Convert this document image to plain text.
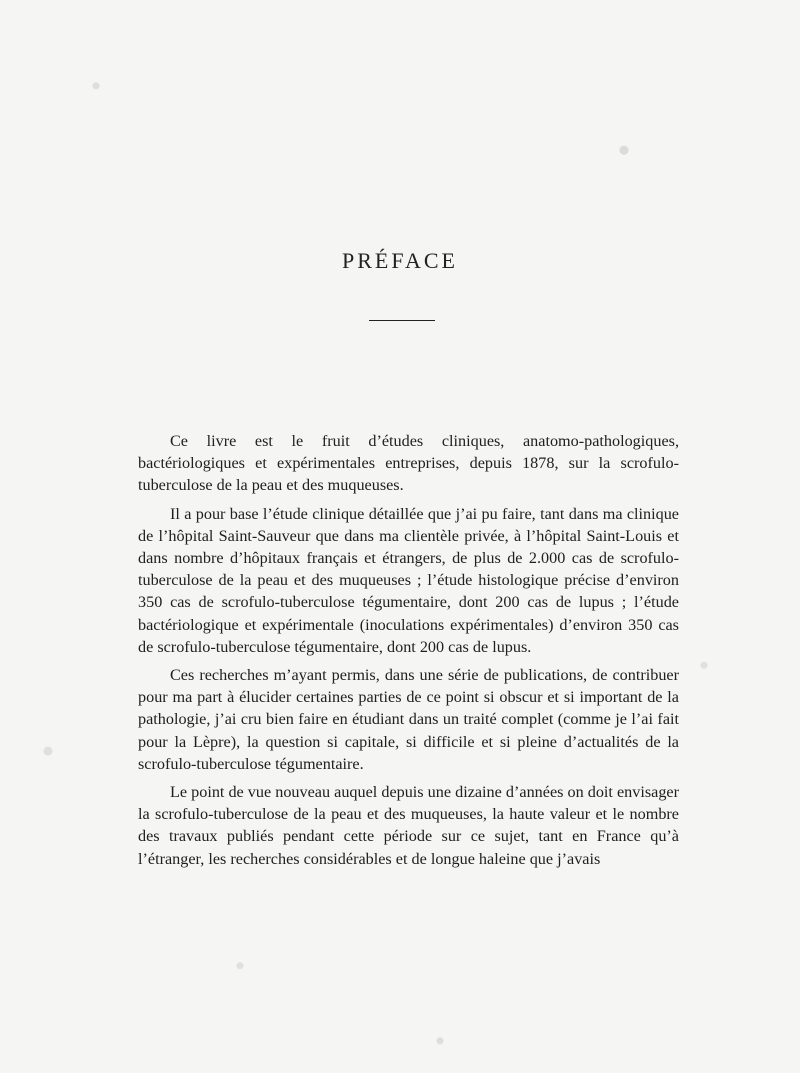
PRÉFACE

Ce livre est le fruit d’études cliniques, anatomo-pathologiques, bactériologiques et expérimentales entreprises, depuis 1878, sur la scrofulo-tuberculose de la peau et des muqueuses.

Il a pour base l’étude clinique détaillée que j’ai pu faire, tant dans ma clinique de l’hôpital Saint-Sauveur que dans ma clientèle privée, à l’hôpital Saint-Louis et dans nombre d’hôpitaux français et étrangers, de plus de 2.000 cas de scrofulo-tuberculose de la peau et des muqueuses ; l’étude histologique précise d’environ 350 cas de scrofulo-tuberculose tégumentaire, dont 200 cas de lupus ; l’étude bactériologique et expérimentale (inoculations expérimentales) d’environ 350 cas de scrofulo-tuberculose tégumentaire, dont 200 cas de lupus.

Ces recherches m’ayant permis, dans une série de publications, de contribuer pour ma part à élucider certaines parties de ce point si obscur et si important de la pathologie, j’ai cru bien faire en étudiant dans un traité complet (comme je l’ai fait pour la Lèpre), la question si capitale, si difficile et si pleine d’actualités de la scrofulo-tuberculose tégumentaire.

Le point de vue nouveau auquel depuis une dizaine d’années on doit envisager la scrofulo-tuberculose de la peau et des muqueuses, la haute valeur et le nombre des travaux publiés pendant cette période sur ce sujet, tant en France qu’à l’étranger, les recherches considérables et de longue haleine que j’avais
